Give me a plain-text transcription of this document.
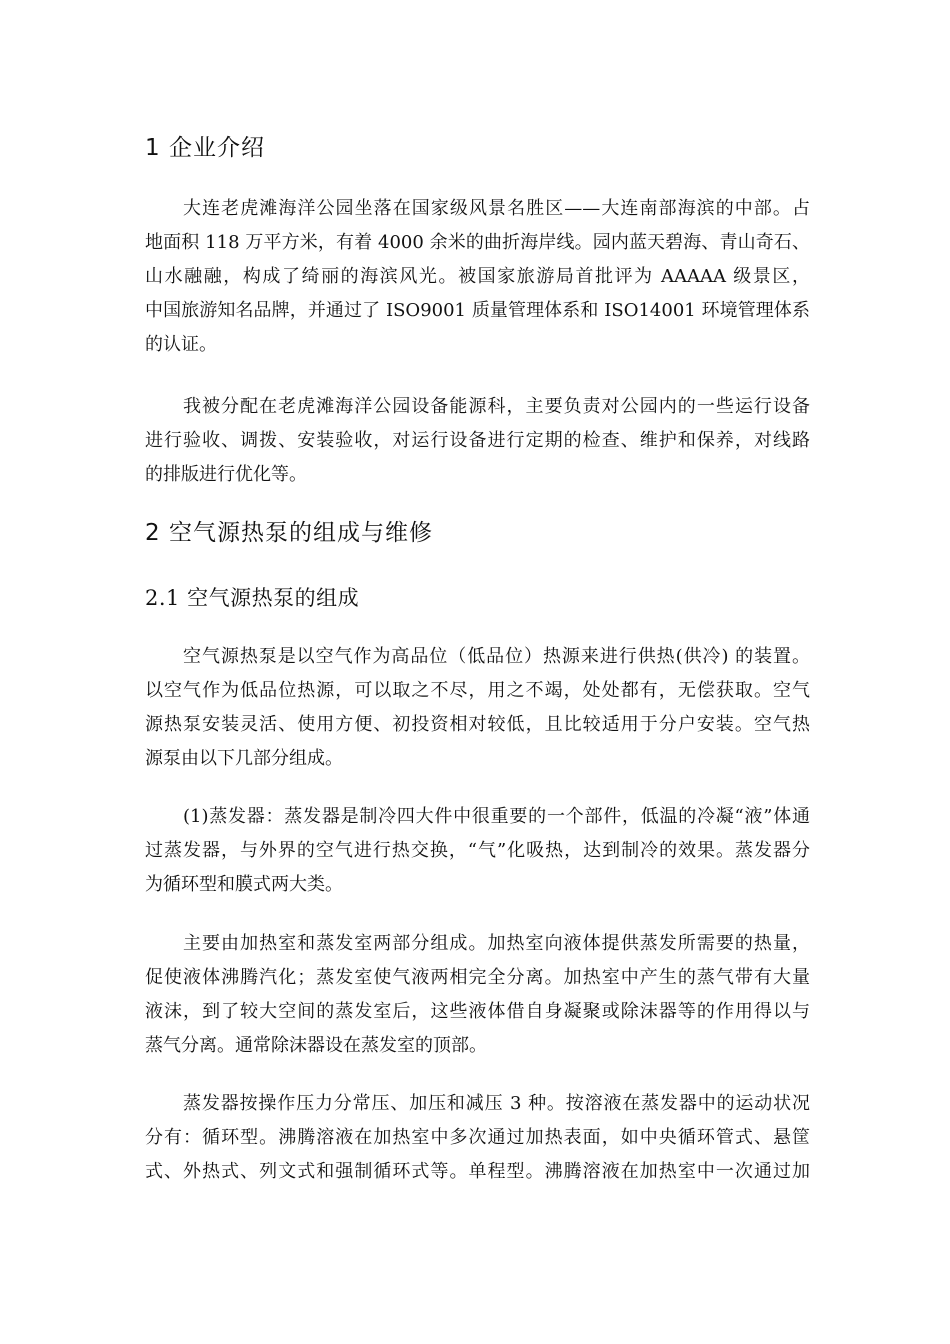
1 企业介绍
大连老虎滩海洋公园坐落在国家级风景名胜区——大连南部海滨的中部。占
地面积 118 万平方米，有着 4000 余米的曲折海岸线。园内蓝天碧海、青山奇石、
山水融融，构成了绮丽的海滨风光。被国家旅游局首批评为 AAAAA 级景区，
中国旅游知名品牌，并通过了 ISO9001 质量管理体系和 ISO14001 环境管理体系
的认证。
我被分配在老虎滩海洋公园设备能源科，主要负责对公园内的一些运行设备
进行验收、调拨、安装验收，对运行设备进行定期的检查、维护和保养，对线路
的排版进行优化等。
2 空气源热泵的组成与维修
2.1 空气源热泵的组成
空气源热泵是以空气作为高品位（低品位）热源来进行供热(供冷) 的装置。
以空气作为低品位热源，可以取之不尽，用之不竭，处处都有，无偿获取。空气
源热泵安装灵活、使用方便、初投资相对较低，且比较适用于分户安装。空气热
源泵由以下几部分组成。
(1)蒸发器：蒸发器是制冷四大件中很重要的一个部件，低温的冷凝“液”体通
过蒸发器，与外界的空气进行热交换，“气”化吸热，达到制冷的效果。蒸发器分
为循环型和膜式两大类。
主要由加热室和蒸发室两部分组成。加热室向液体提供蒸发所需要的热量，
促使液体沸腾汽化；蒸发室使气液两相完全分离。加热室中产生的蒸气带有大量
液沫，到了较大空间的蒸发室后，这些液体借自身凝聚或除沫器等的作用得以与
蒸气分离。通常除沫器设在蒸发室的顶部。
蒸发器按操作压力分常压、加压和减压 3 种。按溶液在蒸发器中的运动状况
分有：循环型。沸腾溶液在加热室中多次通过加热表面，如中央循环管式、悬筐
式、外热式、列文式和强制循环式等。单程型。沸腾溶液在加热室中一次通过加
